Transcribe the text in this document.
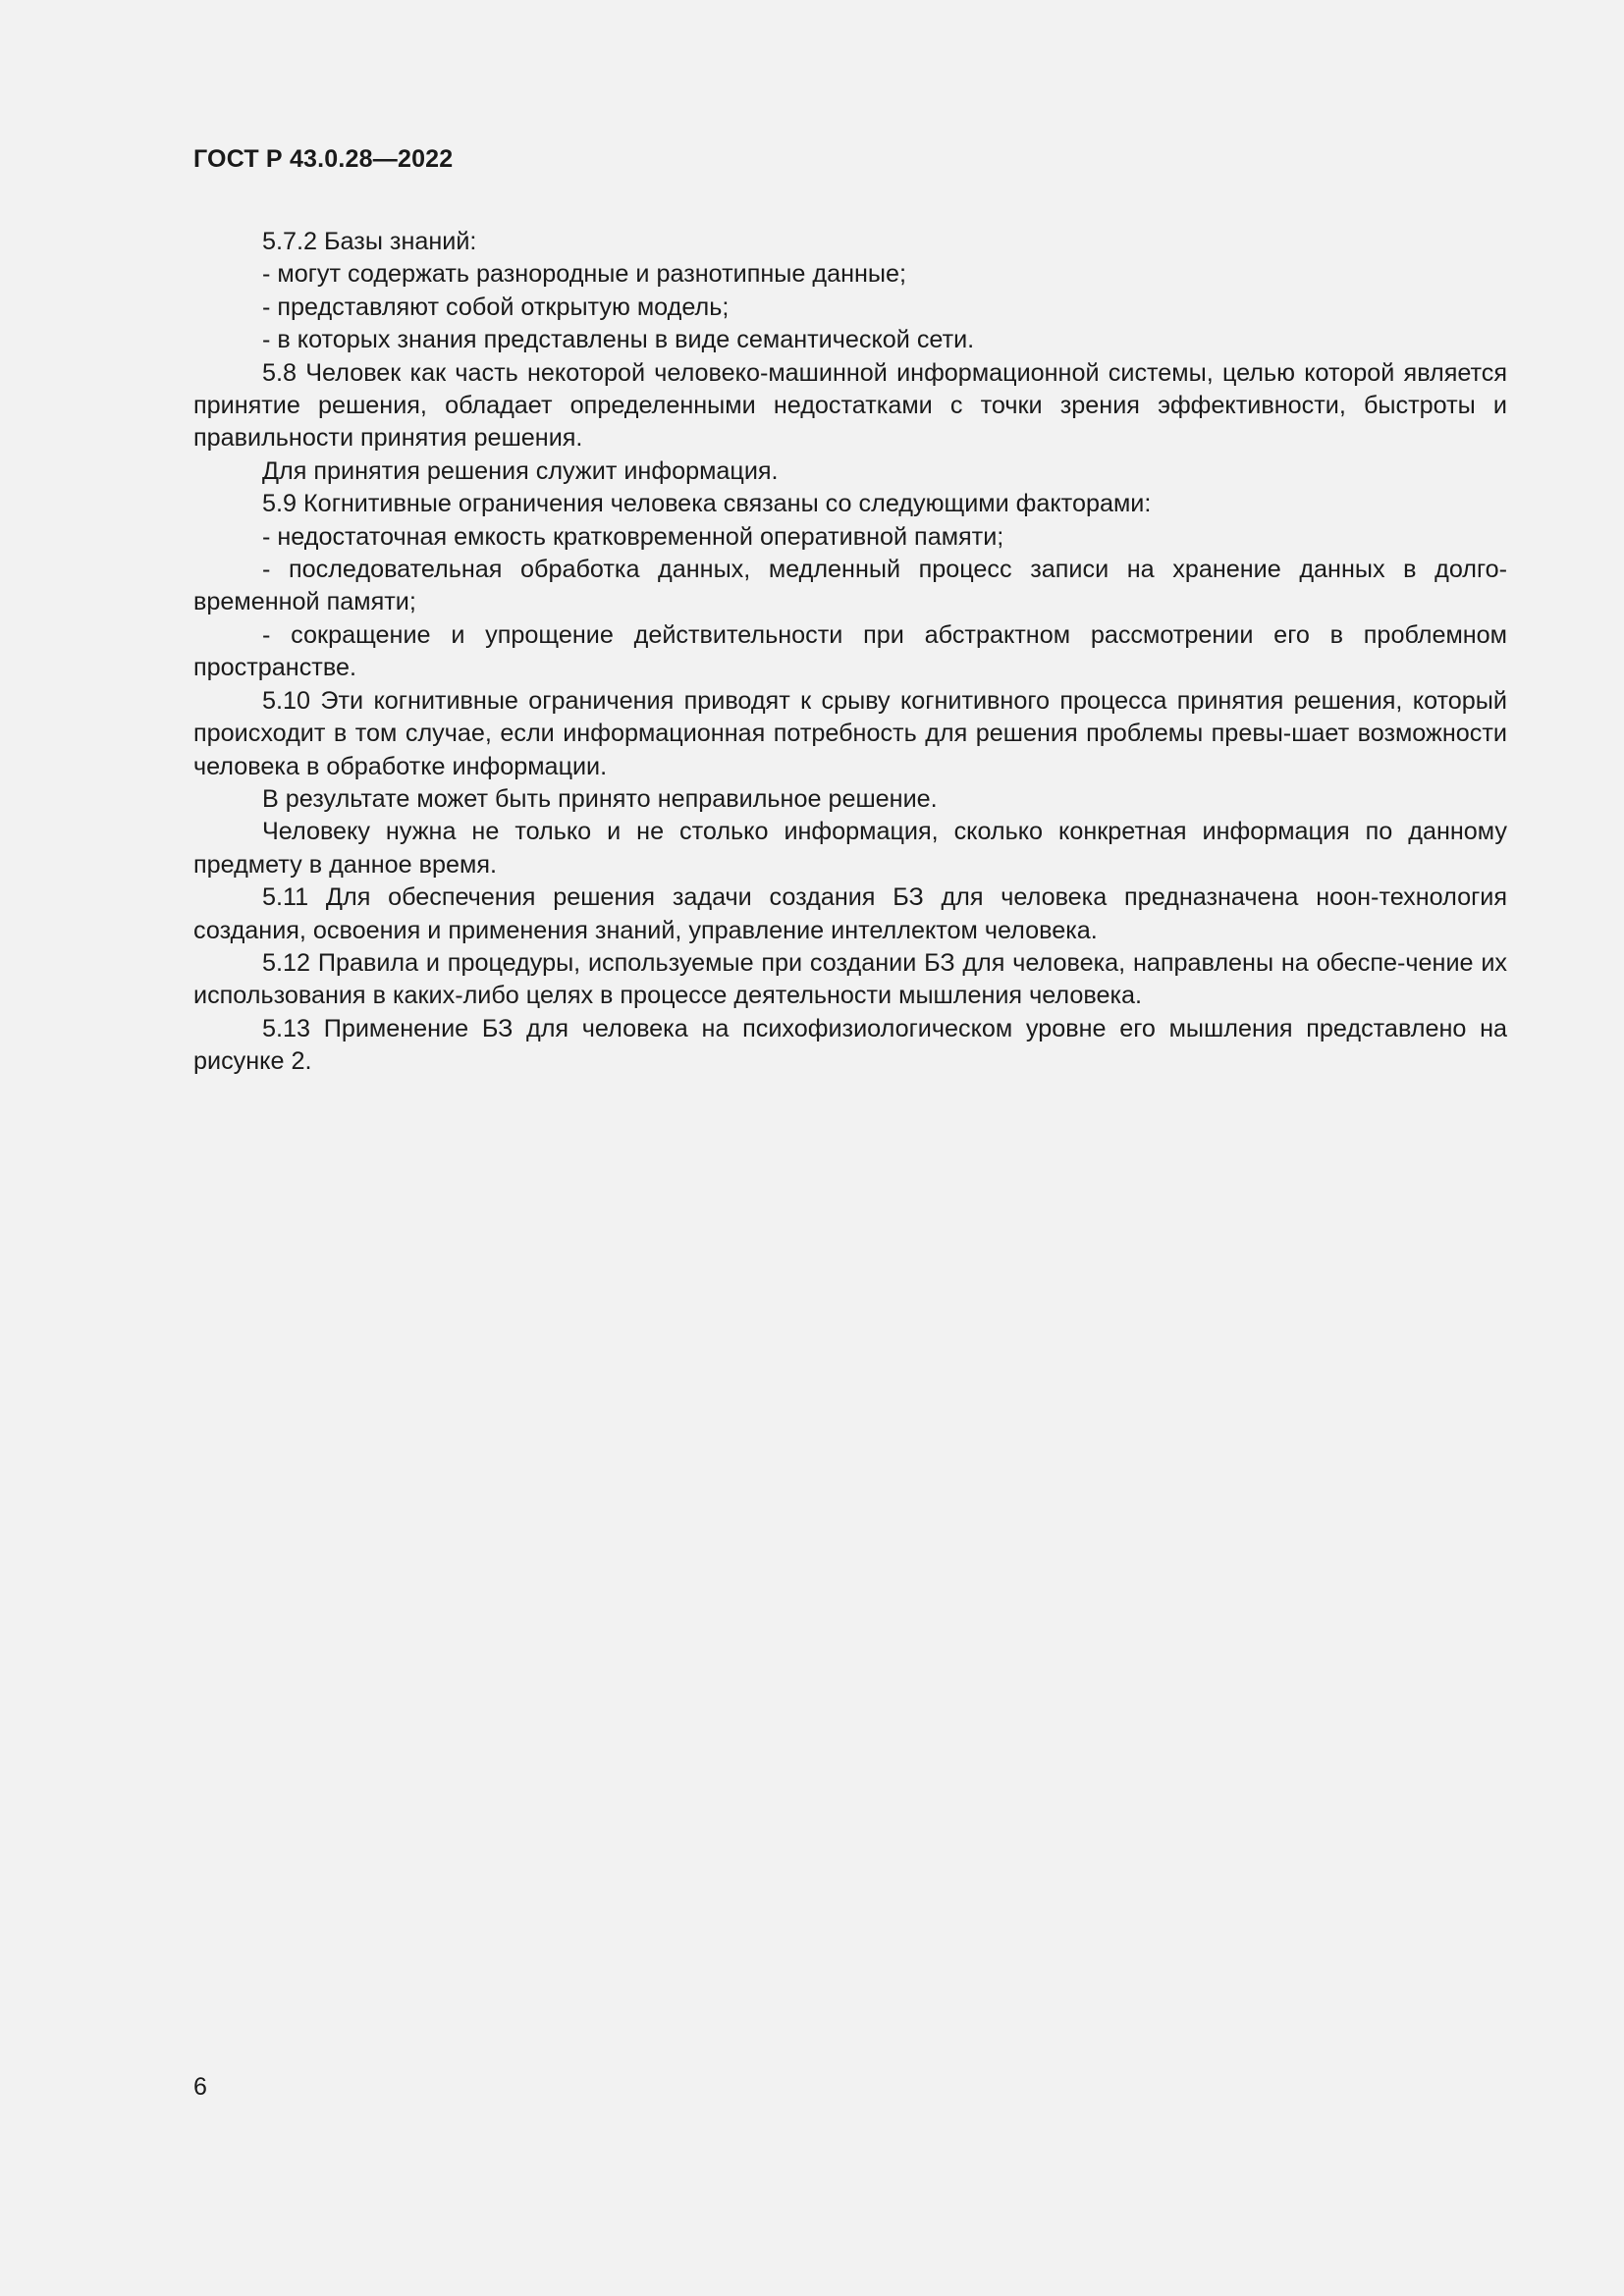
ГОСТ Р 43.0.28—2022

5.7.2 Базы знаний:

- могут содержать разнородные и разнотипные данные;

- представляют собой открытую модель;

- в которых знания представлены в виде семантической сети.

5.8 Человек как часть некоторой человеко-машинной информационной системы, целью которой является принятие решения, обладает определенными недостатками с точки зрения эффективности, быстроты и правильности принятия решения.

Для принятия решения служит информация.

5.9 Когнитивные ограничения человека связаны со следующими факторами:

- недостаточная емкость кратковременной оперативной памяти;

- последовательная обработка данных, медленный процесс записи на хранение данных в долго-временной памяти;

- сокращение и упрощение действительности при абстрактном рассмотрении его в проблемном пространстве.

5.10 Эти когнитивные ограничения приводят к срыву когнитивного процесса принятия решения, который происходит в том случае, если информационная потребность для решения проблемы превы-шает возможности человека в обработке информации.

В результате может быть принято неправильное решение.

Человеку нужна не только и не столько информация, сколько конкретная информация по данному предмету в данное время.

5.11 Для обеспечения решения задачи создания БЗ для человека предназначена ноон-технология создания, освоения и применения знаний, управление интеллектом человека.

5.12 Правила и процедуры, используемые при создании БЗ для человека, направлены на обеспе-чение их использования в каких-либо целях в процессе деятельности мышления человека.

5.13 Применение БЗ для человека на психофизиологическом уровне его мышления представлено на рисунке 2.

6
